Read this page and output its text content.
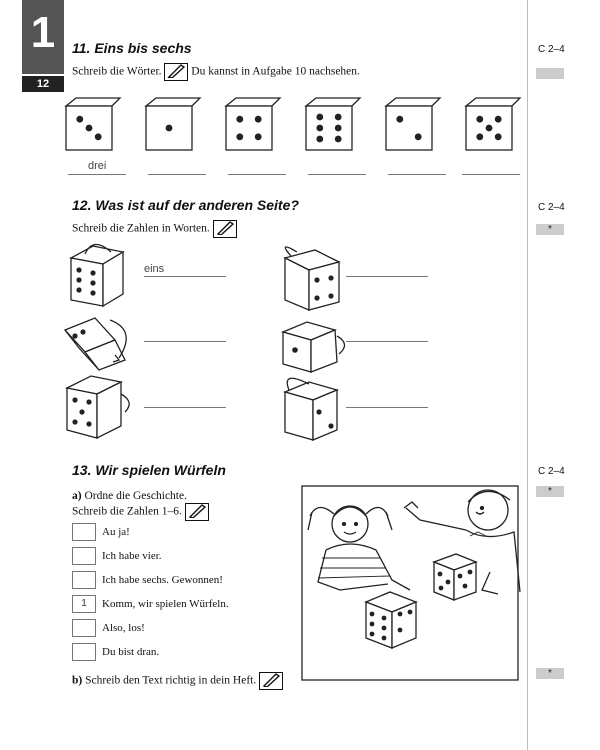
1
12
11. Eins bis sechs	C 2–4
Schreib die Wörter.	Du kannst in Aufgabe 10 nachsehen.
drei
12. Was ist auf der anderen Seite?	C 2–4
*
Schreib die Zahlen in Worten.
eins
13. Wir spielen Würfeln	C 2–4
*
*
a) Ordne die Geschichte.
Schreib die Zahlen 1–6.
Au ja!
Ich habe vier.
Ich habe sechs. Gewonnen!
1	Komm, wir spielen Würfeln.
Also, los!
Du bist dran.
b) Schreib den Text richtig in dein Heft.
